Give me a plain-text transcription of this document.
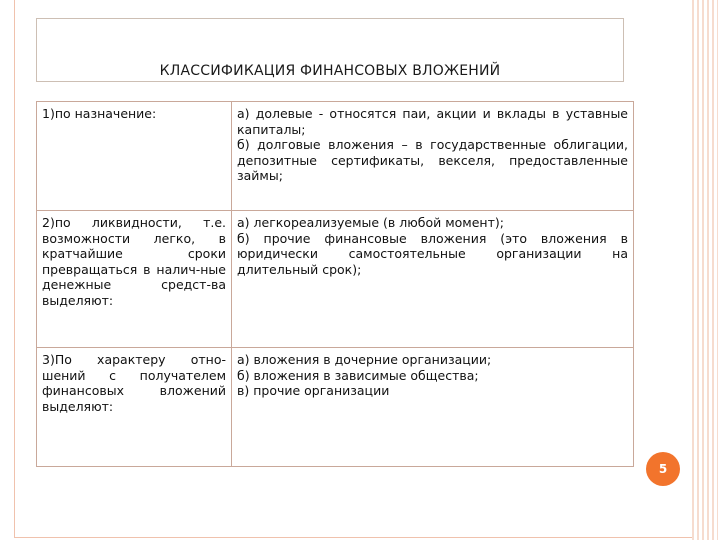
КЛАССИФИКАЦИЯ ФИНАНСОВЫХ ВЛОЖЕНИЙ
1)по назначение:	а) долевые - относятся паи, акции и вклады в уставные капиталы;
б) долговые вложения – в государственные облигации, депозитные сертификаты, векселя, предоставленные займы;

2)по ликвидности, т.е. возможности легко, в кратчайшие сроки превращаться в налич-ные денежные средст-ва выделяют:	а) легкореализуемые (в любой момент);
б) прочие финансовые вложения (это вложения в юридически самостоятельные организации на длительный срок);

3)По характеру отно-шений с получателем финансовых вложений выделяют:	а) вложения в дочерние организации;
б) вложения в зависимые общества;
в) прочие организации
5
